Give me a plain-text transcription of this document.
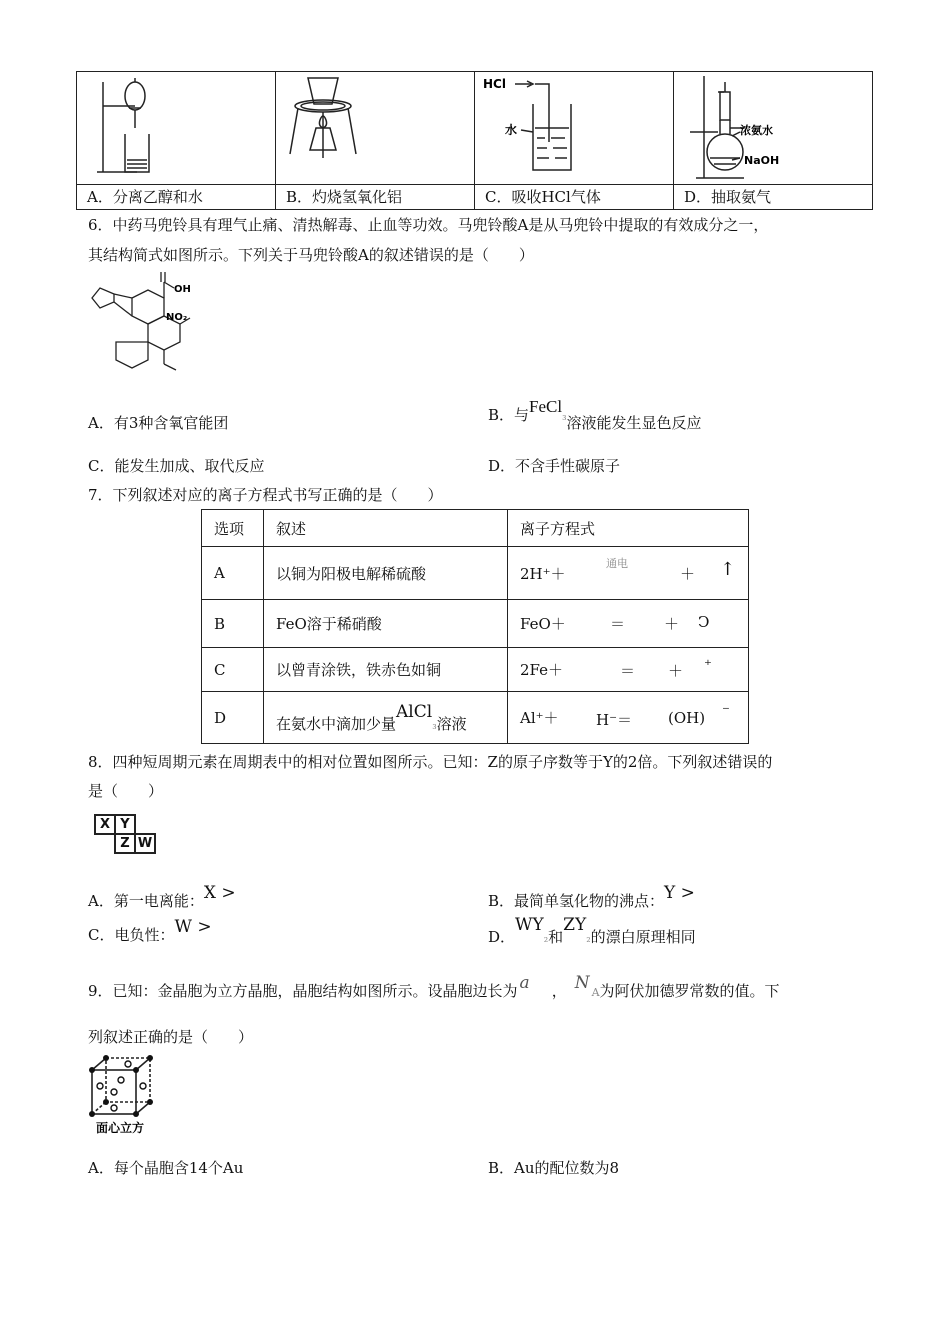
A．分离乙醇和水	B．灼烧氢氧化铝

HCl
水
C．吸收HCl气体

浓氨水
NaOH
D．抽取氨气
6．中药马兜铃具有理气止痛、清热解毒、止血等功效。马兜铃酸A是从马兜铃中提取的有效成分之一，
其结构简式如图所示。下列关于马兜铃酸A的叙述错误的是（　　）
OH
NO₂
A．有3种含氧官能团	B．与FeCl₃溶液能发生显色反应
C．能发生加成、取代反应	D．不含手性碳原子
7．下列叙述对应的离子方程式书写正确的是（　　）
选项	叙述	离子方程式
A	以铜为阳极电解稀硫酸	2H⁺＋
通电
＋ ↑

B	FeO溶于稀硝酸	FeO＋ ＝ ＋ Ↄ

C	以曾青涂铁，铁赤色如铜	2Fe＋ ＝ ＋ ⁺

D	在氨水中滴加少量AlCl$_{_3}$溶液	Al⁺＋ H⁻＝ (OH) ⁻
8．四种短周期元素在周期表中的相对位置如图所示。已知：Z的原子序数等于Y的2倍。下列叙述错误的
是（　　）
X Y
Z W
A．第一电离能：X >	B．最简单氢化物的沸点：Y >
C．电负性：W >	D．$WY_{_2}$和$ZY_{_2}$的漂白原理相同
9．已知：金晶胞为立方晶胞，晶胞结构如图所示。设晶胞边长为 a ， N $_A$为阿伏加德罗常数的值。下
列叙述正确的是（　　）
面心立方
A．每个晶胞含14个Au	B．Au的配位数为8
